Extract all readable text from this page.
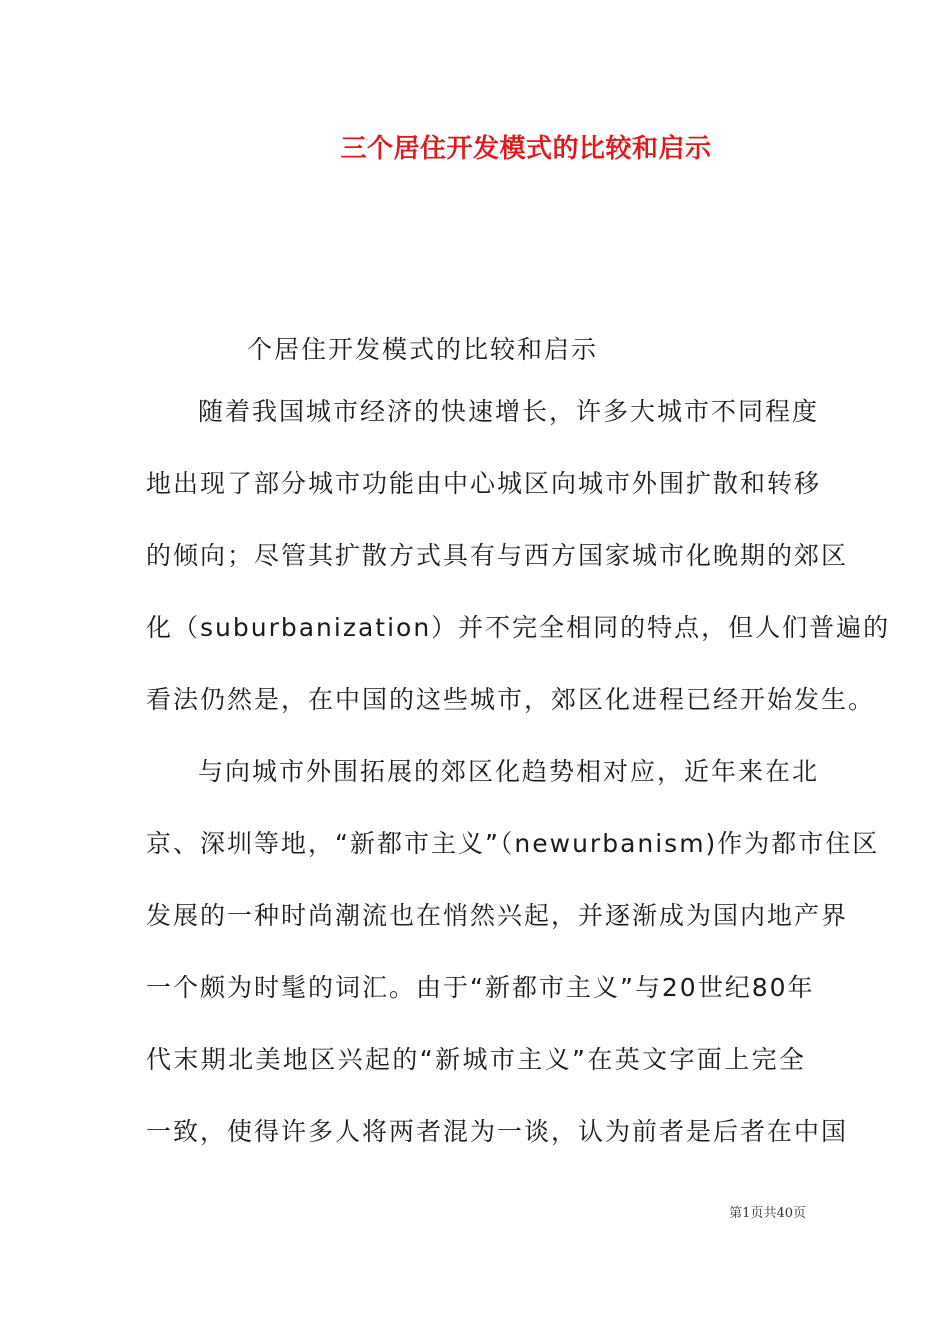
三个居住开发模式的比较和启示
个居住开发模式的比较和启示
随着我国城市经济的快速增长，许多大城市不同程度
地出现了部分城市功能由中心城区向城市外围扩散和转移
的倾向；尽管其扩散方式具有与西方国家城市化晚期的郊区
化（suburbanization）并不完全相同的特点，但人们普遍的
看法仍然是，在中国的这些城市，郊区化进程已经开始发生。
与向城市外围拓展的郊区化趋势相对应，近年来在北
京、深圳等地，“新都市主义”（newurbanism)作为都市住区
发展的一种时尚潮流也在悄然兴起，并逐渐成为国内地产界
一个颇为时髦的词汇。由于“新都市主义”与20世纪80年
代末期北美地区兴起的“新城市主义”在英文字面上完全
一致，使得许多人将两者混为一谈，认为前者是后者在中国
第1页共40页
